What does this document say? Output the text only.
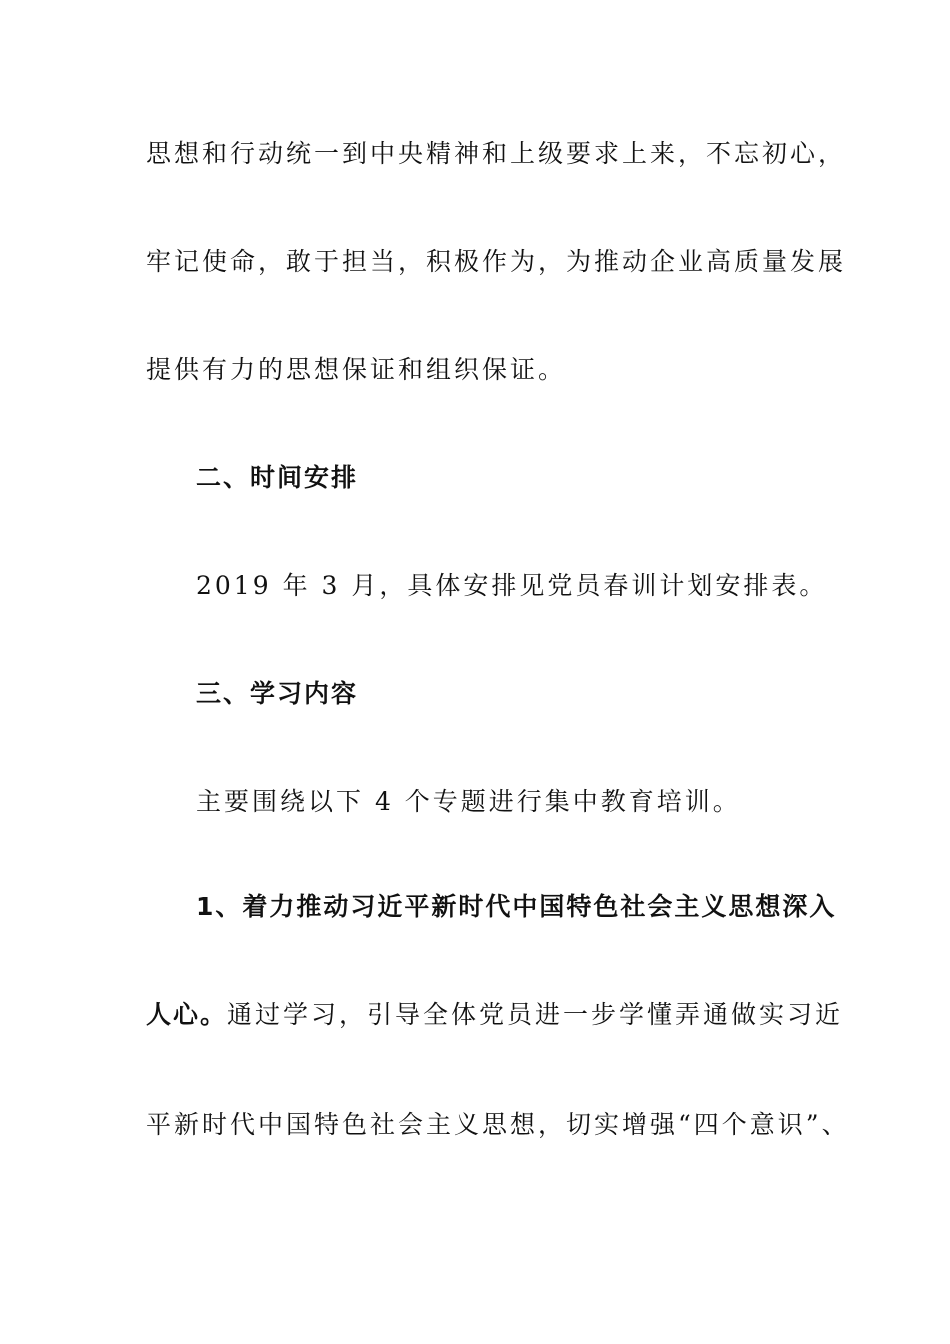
思想和行动统一到中央精神和上级要求上来，不忘初心，
牢记使命，敢于担当，积极作为，为推动企业高质量发展
提供有力的思想保证和组织保证。
二、时间安排
2019 年 3 月，具体安排见党员春训计划安排表。
三、学习内容
主要围绕以下 4 个专题进行集中教育培训。
1、着力推动习近平新时代中国特色社会主义思想深入
人心。通过学习，引导全体党员进一步学懂弄通做实习近
平新时代中国特色社会主义思想，切实增强“四个意识”、
